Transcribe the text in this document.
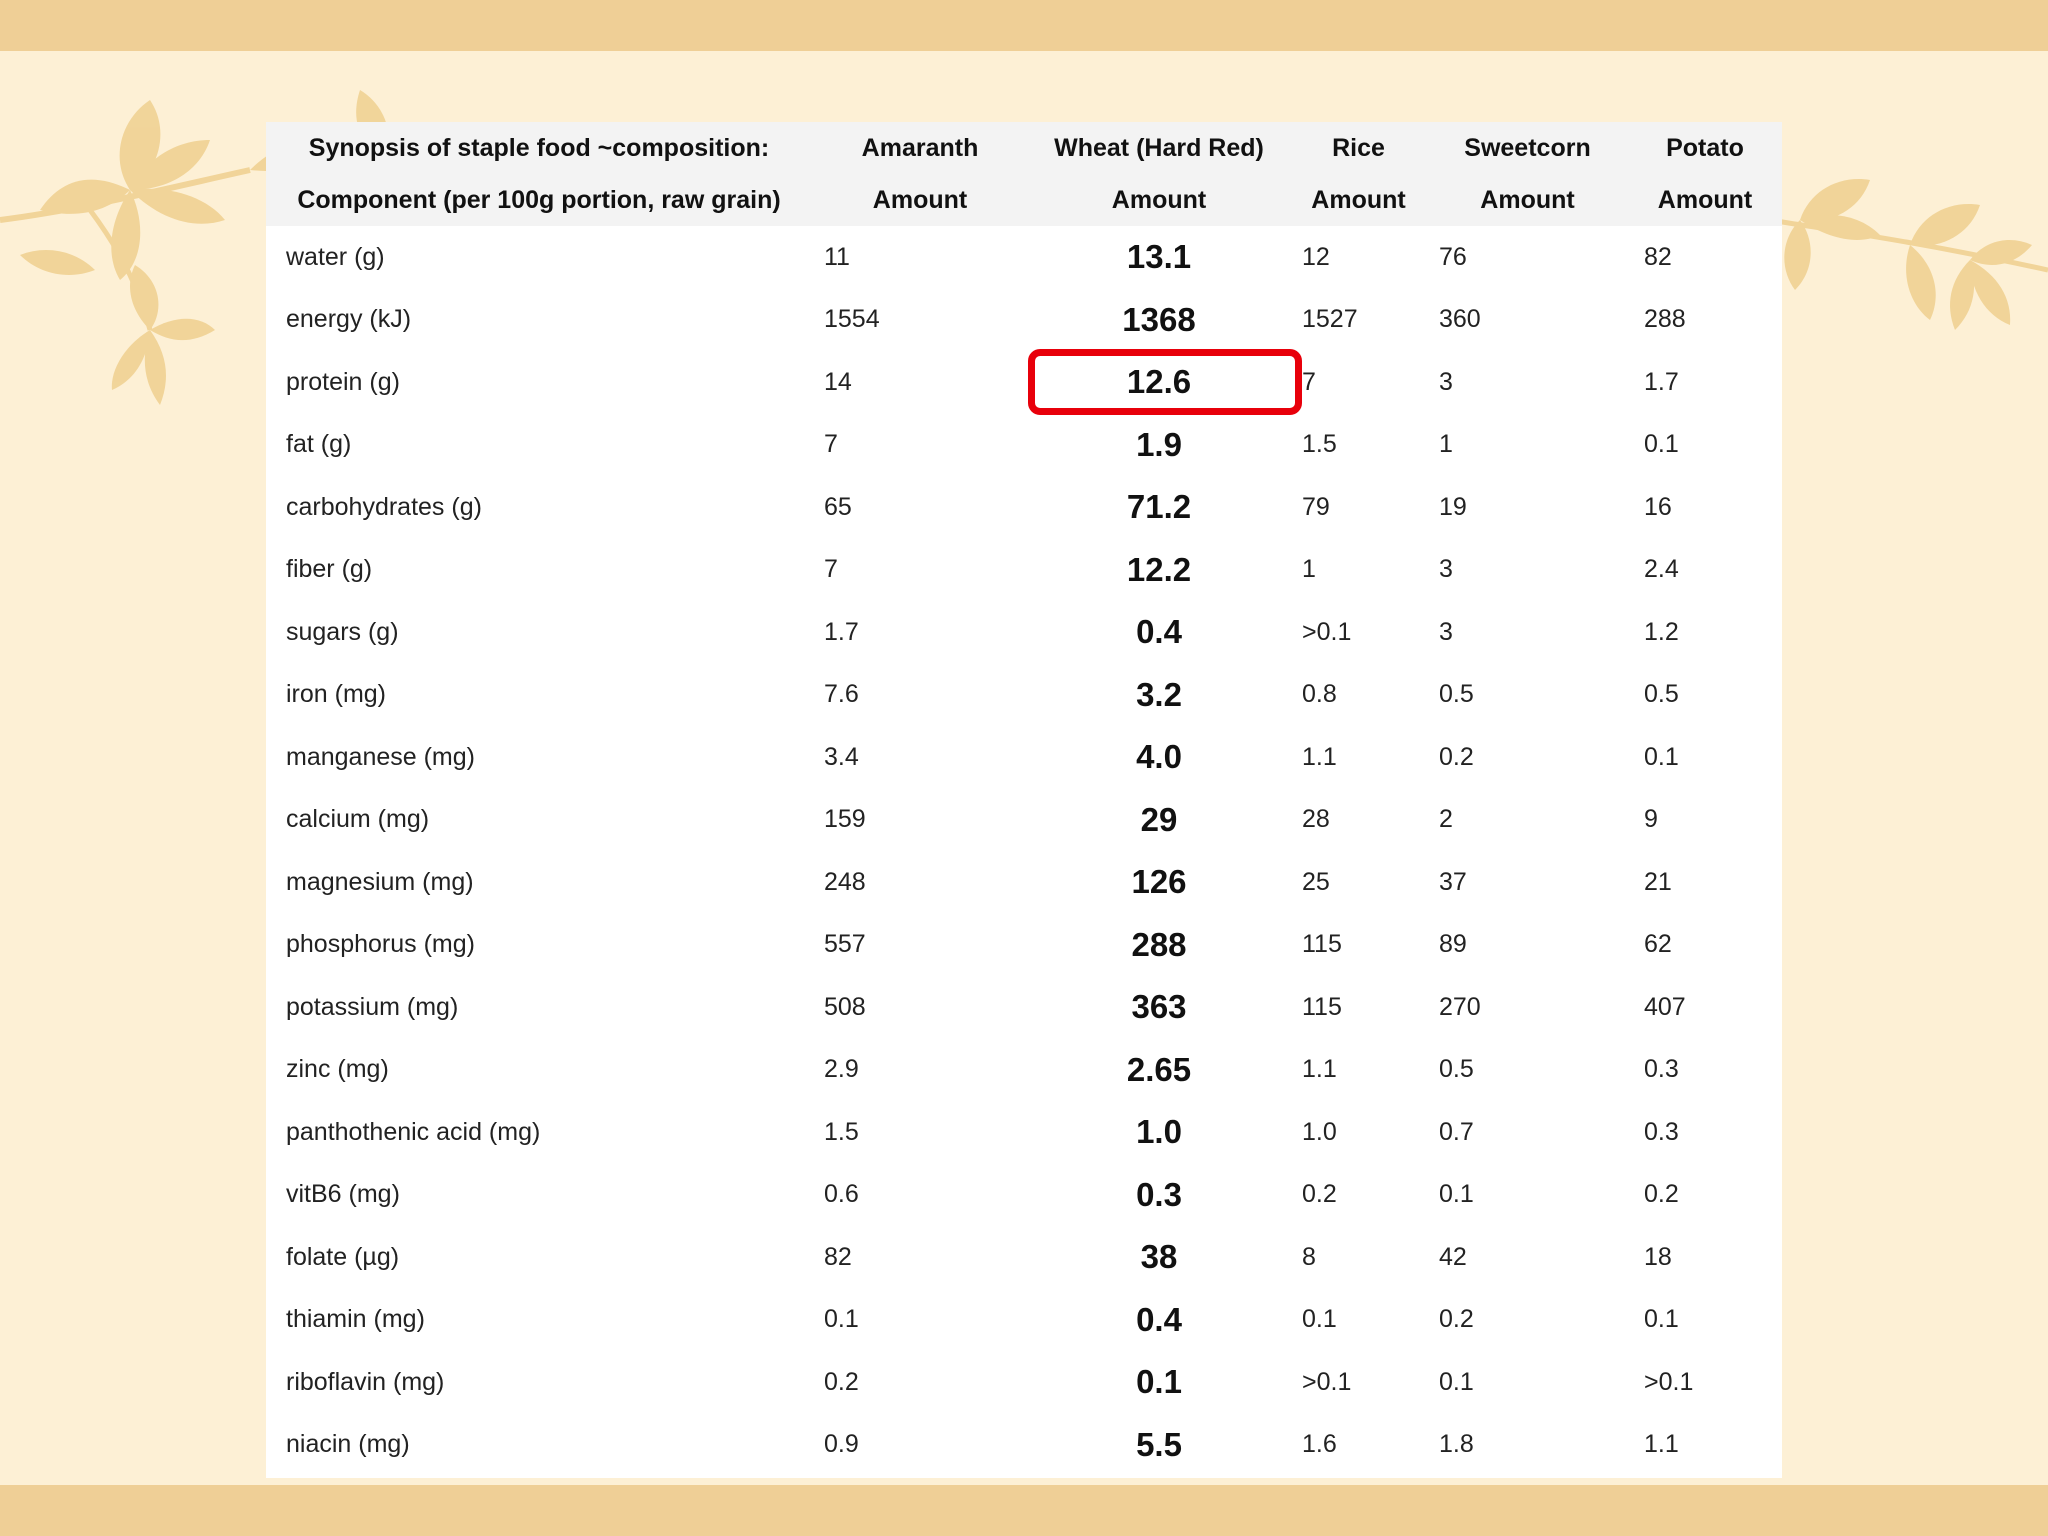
Synopsis of staple food ~composition:	Amaranth	Wheat (Hard Red)	Rice	Sweetcorn	Potato
Component (per 100g portion, raw grain)	Amount	Amount	Amount	Amount	Amount
water (g)	11	13.1	12	76	82
energy (kJ)	1554	1368	1527	360	288
protein (g)	14	12.6	7	3	1.7
fat (g)	7	1.9	1.5	1	0.1
carbohydrates (g)	65	71.2	79	19	16
fiber (g)	7	12.2	1	3	2.4
sugars (g)	1.7	0.4	>0.1	3	1.2
iron (mg)	7.6	3.2	0.8	0.5	0.5
manganese (mg)	3.4	4.0	1.1	0.2	0.1
calcium (mg)	159	29	28	2	9
magnesium (mg)	248	126	25	37	21
phosphorus (mg)	557	288	115	89	62
potassium (mg)	508	363	115	270	407
zinc (mg)	2.9	2.65	1.1	0.5	0.3
panthothenic acid (mg)	1.5	1.0	1.0	0.7	0.3
vitB6 (mg)	0.6	0.3	0.2	0.1	0.2
folate (µg)	82	38	8	42	18
thiamin (mg)	0.1	0.4	0.1	0.2	0.1
riboflavin (mg)	0.2	0.1	>0.1	0.1	>0.1
niacin (mg)	0.9	5.5	1.6	1.8	1.1
